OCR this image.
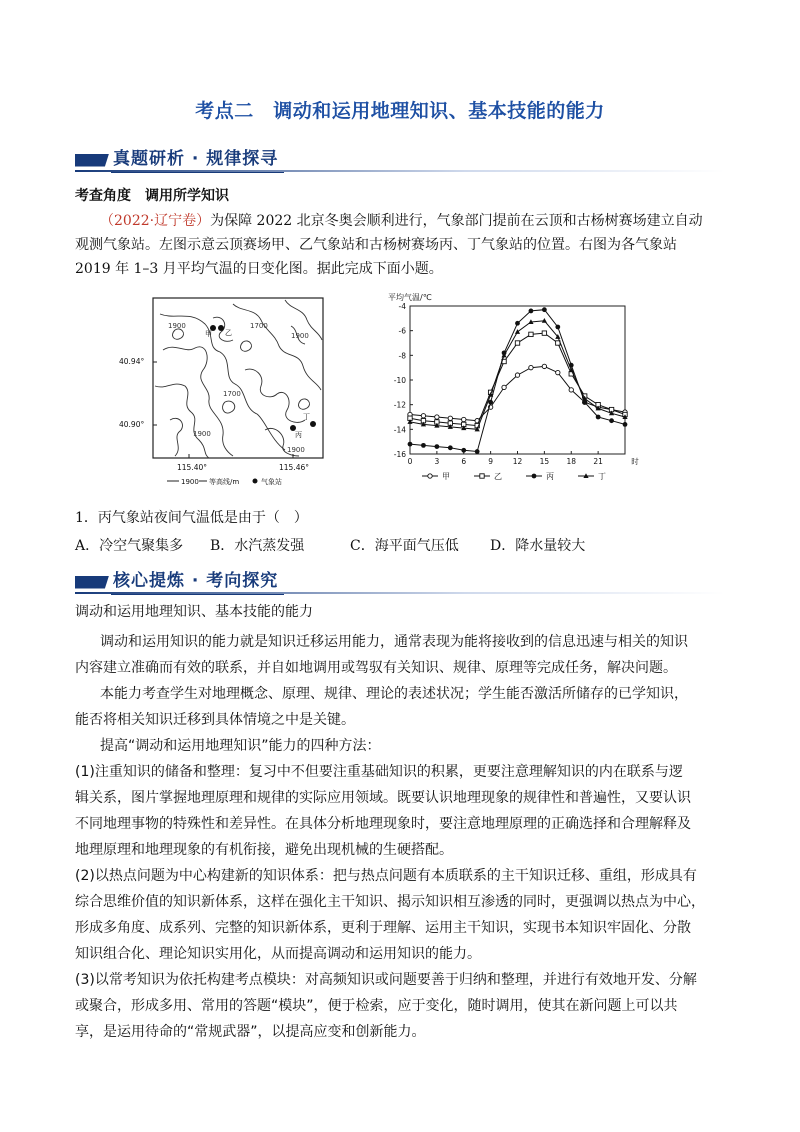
考点二　调动和运用地理知识、基本技能的能力
真题研析 · 规律探寻
考查角度　调用所学知识
（2022·辽宁卷）为保障 2022 北京冬奥会顺利进行，气象部门提前在云顶和古杨树赛场建立自动
观测气象站。左图示意云顶赛场甲、乙气象站和古杨树赛场丙、丁气象站的位置。右图为各气象站
2019 年 1–3 月平均气温的日变化图。据此完成下面小题。
1900	1700
1900
1700
1900
1900
甲 乙
丙
丁
40.94°
40.90°
115.40°	115.46°
1900 等高线/m	气象站
平均气温/℃
-4
-6
-8
-10
-12
-14
-16
0	3	6	9	12 15 18 21	时
甲	乙	丙	丁
1．丙气象站夜间气温低是由于（　）
A．冷空气聚集多 B．水汽蒸发强	C．海平面气压低 D．降水量较大
核心提炼 · 考向探究
调动和运用地理知识、基本技能的能力
调动和运用知识的能力就是知识迁移运用能力，通常表现为能将接收到的信息迅速与相关的知识
内容建立准确而有效的联系，并自如地调用或驾驭有关知识、规律、原理等完成任务，解决问题。
本能力考查学生对地理概念、原理、规律、理论的表述状况；学生能否激活所储存的已学知识，
能否将相关知识迁移到具体情境之中是关键。
提高“调动和运用地理知识”能力的四种方法：
(1)注重知识的储备和整理：复习中不但要注重基础知识的积累，更要注意理解知识的内在联系与逻
辑关系，图片掌握地理原理和规律的实际应用领域。既要认识地理现象的规律性和普遍性，又要认识
不同地理事物的特殊性和差异性。在具体分析地理现象时，要注意地理原理的正确选择和合理解释及
地理原理和地理现象的有机衔接，避免出现机械的生硬搭配。
(2)以热点问题为中心构建新的知识体系：把与热点问题有本质联系的主干知识迁移、重组，形成具有
综合思维价值的知识新体系，这样在强化主干知识、揭示知识相互渗透的同时，更强调以热点为中心，
形成多角度、成系列、完整的知识新体系，更利于理解、运用主干知识，实现书本知识牢固化、分散
知识组合化、理论知识实用化，从而提高调动和运用知识的能力。
(3)以常考知识为依托构建考点模块：对高频知识或问题要善于归纳和整理，并进行有效地开发、分解
或聚合，形成多用、常用的答题“模块”，便于检索，应于变化，随时调用，使其在新问题上可以共
享，是运用待命的“常规武器”，以提高应变和创新能力。
